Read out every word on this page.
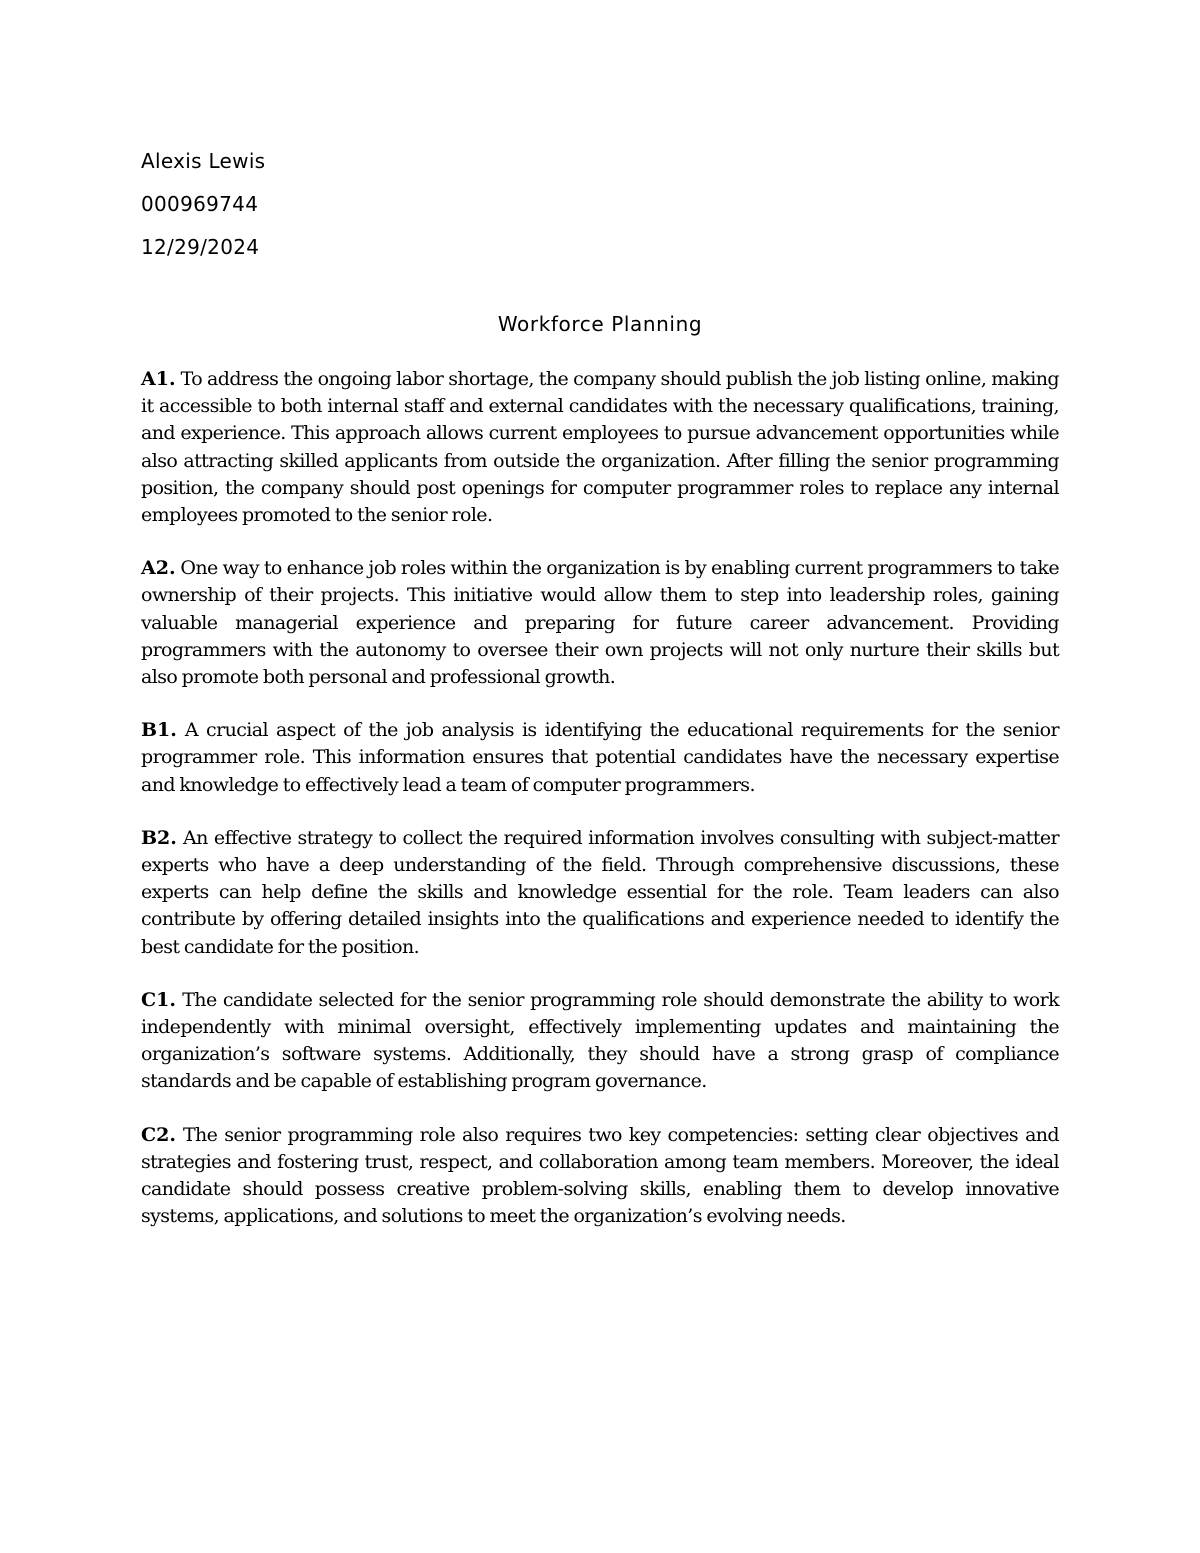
Alexis Lewis
000969744
12/29/2024
Workforce Planning

A1. To address the ongoing labor shortage, the company should publish the job listing online, making it accessible to both internal staff and external candidates with the necessary qualifications, training, and experience. This approach allows current employees to pursue advancement opportunities while also attracting skilled applicants from outside the organization. After filling the senior programming position, the company should post openings for computer programmer roles to replace any internal employees promoted to the senior role.

A2. One way to enhance job roles within the organization is by enabling current programmers to take ownership of their projects. This initiative would allow them to step into leadership roles, gaining valuable managerial experience and preparing for future career advancement. Providing programmers with the autonomy to oversee their own projects will not only nurture their skills but also promote both personal and professional growth.

B1. A crucial aspect of the job analysis is identifying the educational requirements for the senior programmer role. This information ensures that potential candidates have the necessary expertise and knowledge to effectively lead a team of computer programmers.

B2. An effective strategy to collect the required information involves consulting with subject-matter experts who have a deep understanding of the field. Through comprehensive discussions, these experts can help define the skills and knowledge essential for the role. Team leaders can also contribute by offering detailed insights into the qualifications and experience needed to identify the best candidate for the position.

C1. The candidate selected for the senior programming role should demonstrate the ability to work independently with minimal oversight, effectively implementing updates and maintaining the organization’s software systems. Additionally, they should have a strong grasp of compliance standards and be capable of establishing program governance.

C2. The senior programming role also requires two key competencies: setting clear objectives and strategies and fostering trust, respect, and collaboration among team members. Moreover, the ideal candidate should possess creative problem-solving skills, enabling them to develop innovative systems, applications, and solutions to meet the organization’s evolving needs.
